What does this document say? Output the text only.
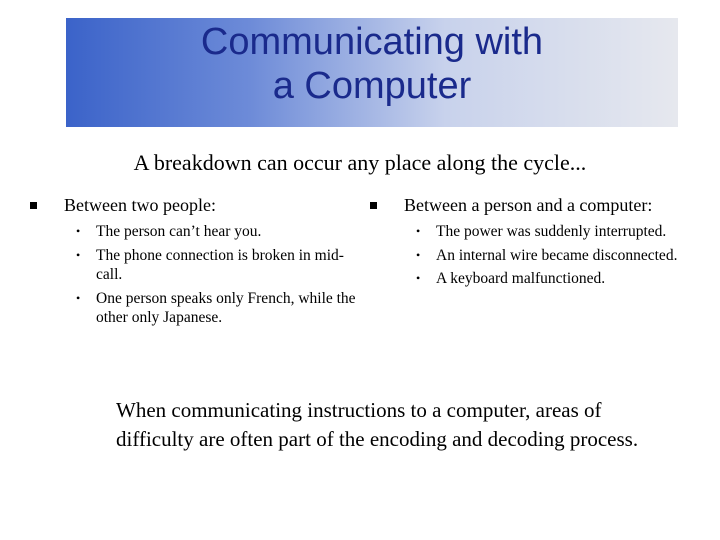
Communicating with
a Computer
A breakdown can occur any place along the cycle...
Between two people:
• The person can’t hear you.
• The phone connection is broken in mid-call.
• One person speaks only French, while the other only Japanese.
Between a person and a computer:
• The power was suddenly interrupted.
• An internal wire became disconnected.
• A keyboard malfunctioned.
When communicating instructions to a computer, areas of difficulty are often part of the encoding and decoding process.
